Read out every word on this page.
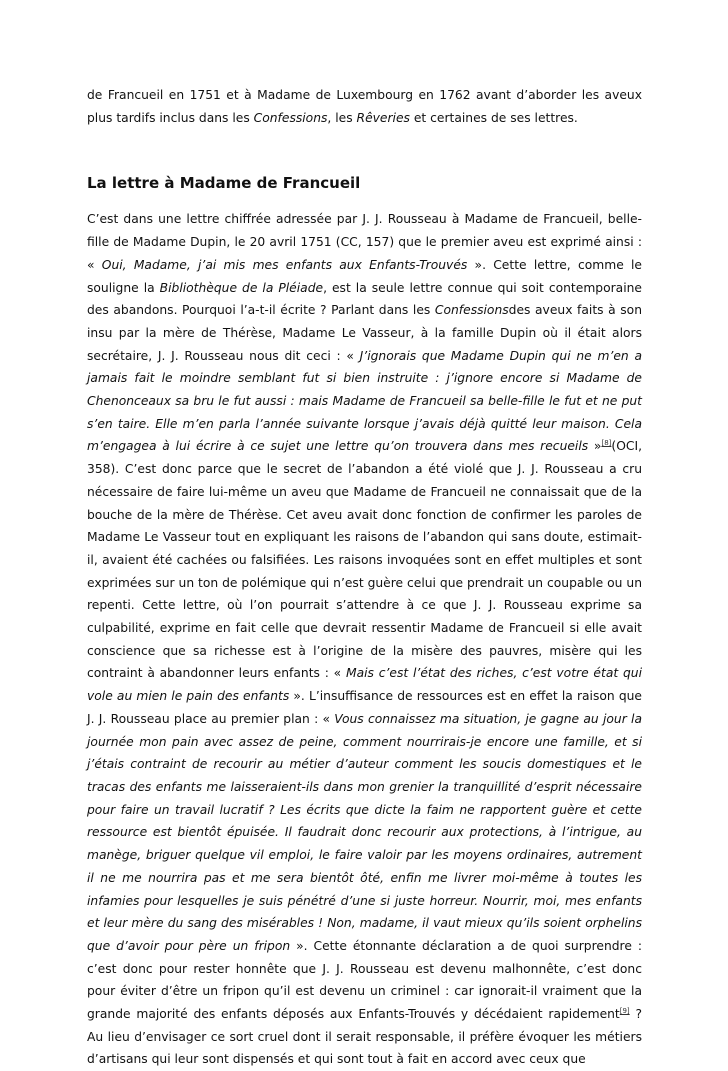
de Francueil en 1751 et à Madame de Luxembourg en 1762 avant d’aborder les aveux plus tardifs inclus dans les Confessions, les Rêveries et certaines de ses lettres.

La lettre à Madame de Francueil

C’est dans une lettre chiffrée adressée par J. J. Rousseau à Madame de Francueil, belle-fille de Madame Dupin, le 20 avril 1751 (CC, 157) que le premier aveu est exprimé ainsi : « Oui, Madame, j’ai mis mes enfants aux Enfants-Trouvés ». Cette lettre, comme le souligne la Bibliothèque de la Pléiade, est la seule lettre connue qui soit contemporaine des abandons. Pourquoi l’a-t-il écrite ? Parlant dans les Confessionsdes aveux faits à son insu par la mère de Thérèse, Madame Le Vasseur, à la famille Dupin où il était alors secrétaire, J. J. Rousseau nous dit ceci : « J’ignorais que Madame Dupin qui ne m’en a jamais fait le moindre semblant fut si bien instruite : j’ignore encore si Madame de Chenonceaux sa bru le fut aussi : mais Madame de Francueil sa belle-fille le fut et ne put s’en taire. Elle m’en parla l’année suivante lorsque j’avais déjà quitté leur maison. Cela m’engagea à lui écrire à ce sujet une lettre qu’on trouvera dans mes recueils »[8](OCI, 358). C’est donc parce que le secret de l’abandon a été violé que J. J. Rousseau a cru nécessaire de faire lui-même un aveu que Madame de Francueil ne connaissait que de la bouche de la mère de Thérèse. Cet aveu avait donc fonction de confirmer les paroles de Madame Le Vasseur tout en expliquant les raisons de l’abandon qui sans doute, estimait-il, avaient été cachées ou falsifiées. Les raisons invoquées sont en effet multiples et sont exprimées sur un ton de polémique qui n’est guère celui que prendrait un coupable ou un repenti. Cette lettre, où l’on pourrait s’attendre à ce que J. J. Rousseau exprime sa culpabilité, exprime en fait celle que devrait ressentir Madame de Francueil si elle avait conscience que sa richesse est à l’origine de la misère des pauvres, misère qui les contraint à abandonner leurs enfants : « Mais c’est l’état des riches, c’est votre état qui vole au mien le pain des enfants ». L’insuffisance de ressources est en effet la raison que J. J. Rousseau place au premier plan : « Vous connaissez ma situation, je gagne au jour la journée mon pain avec assez de peine, comment nourrirais-je encore une famille, et si j’étais contraint de recourir au métier d’auteur comment les soucis domestiques et le tracas des enfants me laisseraient-ils dans mon grenier la tranquillité d’esprit nécessaire pour faire un travail lucratif ? Les écrits que dicte la faim ne rapportent guère et cette ressource est bientôt épuisée. Il faudrait donc recourir aux protections, à l’intrigue, au manège, briguer quelque vil emploi, le faire valoir par les moyens ordinaires, autrement il ne me nourrira pas et me sera bientôt ôté, enfin me livrer moi-même à toutes les infamies pour lesquelles je suis pénétré d’une si juste horreur. Nourrir, moi, mes enfants et leur mère du sang des misérables ! Non, madame, il vaut mieux qu’ils soient orphelins que d’avoir pour père un fripon ». Cette étonnante déclaration a de quoi surprendre : c’est donc pour rester honnête que J. J. Rousseau est devenu malhonnête, c’est donc pour éviter d’être un fripon qu’il est devenu un criminel : car ignorait-il vraiment que la grande majorité des enfants déposés aux Enfants-Trouvés y décédaient rapidement[9] ? Au lieu d’envisager ce sort cruel dont il serait responsable, il préfère évoquer les métiers d’artisans qui leur sont dispensés et qui sont tout à fait en accord avec ceux que
